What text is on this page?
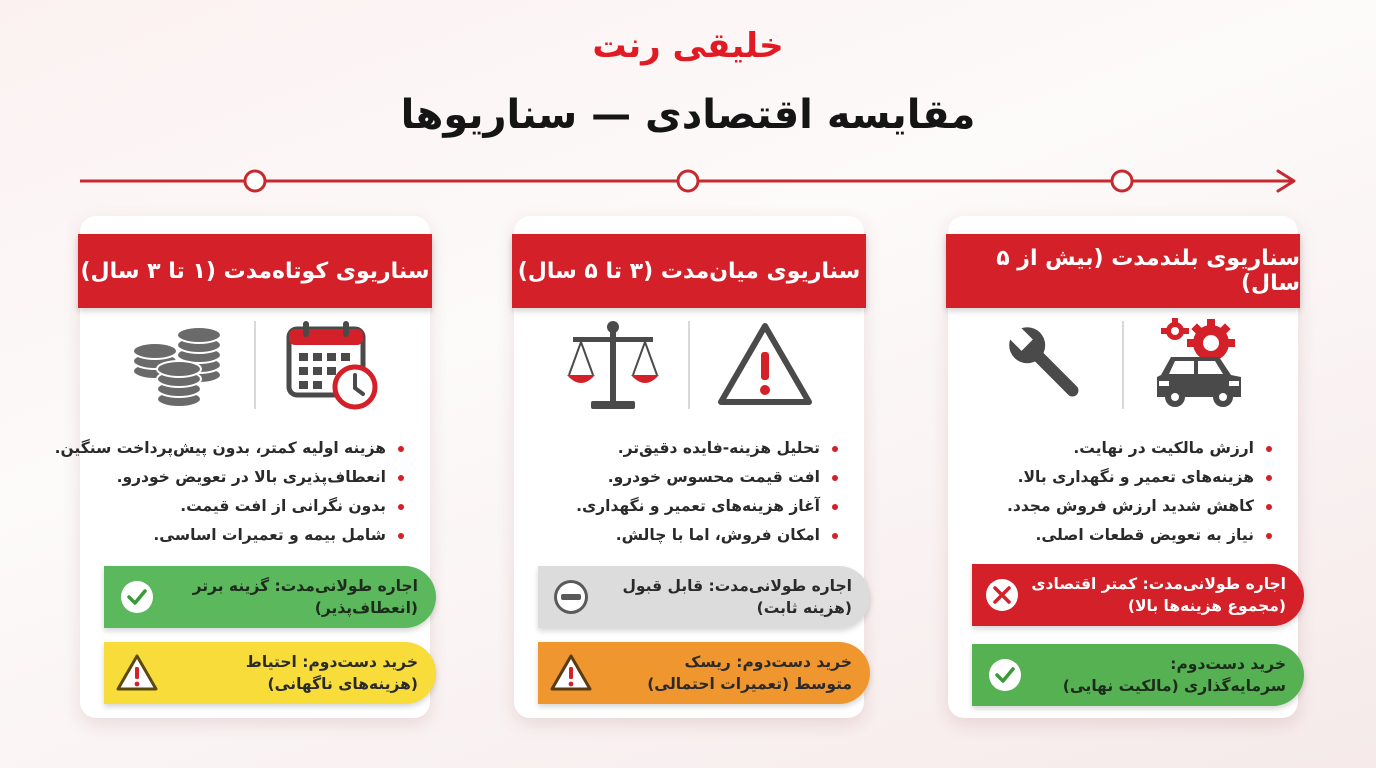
خلیقی رنت
مقایسه اقتصادی — سناریوها
سناریوی بلندمدت (بیش از ۵ سال)
ارزش مالکیت در نهایت.
هزینه‌های تعمیر و نگهداری بالا.
کاهش شدید ارزش فروش مجدد.
نیاز به تعویض قطعات اصلی.
اجاره طولانی‌مدت: کمتر اقتصادی
(مجموع هزینه‌ها بالا)
خرید دست‌دوم:
سرمایه‌گذاری (مالکیت نهایی)
سناریوی میان‌مدت (۳ تا ۵ سال)
تحلیل هزینه-فایده دقیق‌تر.
افت قیمت محسوس خودرو.
آغاز هزینه‌های تعمیر و نگهداری.
امکان فروش، اما با چالش.
اجاره طولانی‌مدت: قابل قبول
(هزینه ثابت)
خرید دست‌دوم: ریسک
متوسط (تعمیرات احتمالی)
سناریوی کوتاه‌مدت (۱ تا ۳ سال)
هزینه اولیه کمتر، بدون پیش‌پرداخت سنگین.
انعطاف‌پذیری بالا در تعویض خودرو.
بدون نگرانی از افت قیمت.
شامل بیمه و تعمیرات اساسی.
اجاره طولانی‌مدت: گزینه برتر
(انعطاف‌پذیر)
خرید دست‌دوم: احتیاط
(هزینه‌های ناگهانی)
